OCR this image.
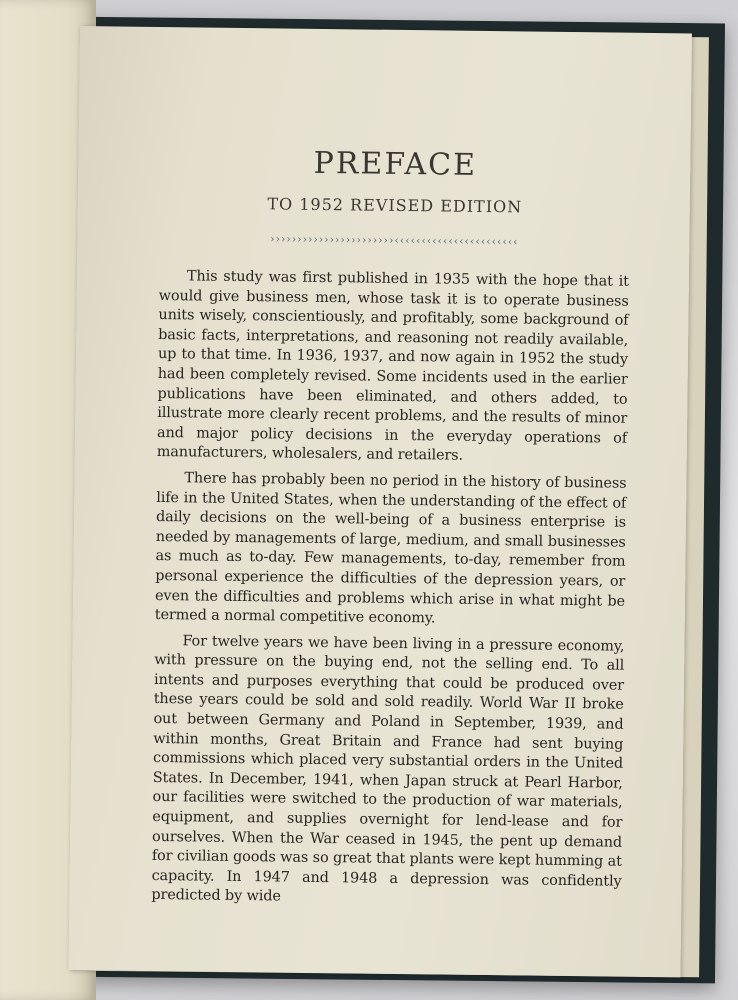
PREFACE
TO 1952 REVISED EDITION
›››››››››››››››››››››››‹‹‹‹‹‹‹‹‹‹‹‹‹‹‹‹‹‹‹‹‹‹‹

This study was first published in 1935 with the hope that it would give business men, whose task it is to operate business units wisely, conscientiously, and profitably, some background of basic facts, interpretations, and reasoning not readily available, up to that time. In 1936, 1937, and now again in 1952 the study had been completely revised. Some incidents used in the earlier publications have been eliminated, and others added, to illustrate more clearly recent problems, and the results of minor and major policy decisions in the everyday operations of manufacturers, wholesalers, and retailers.

There has probably been no period in the history of business life in the United States, when the understanding of the effect of daily decisions on the well-being of a business enterprise is needed by managements of large, medium, and small businesses as much as to-day. Few managements, to-day, remember from personal experience the difficulties of the depression years, or even the difficulties and problems which arise in what might be termed a normal competitive economy.

For twelve years we have been living in a pressure economy, with pressure on the buying end, not the selling end. To all intents and purposes everything that could be produced over these years could be sold and sold readily. World War II broke out between Germany and Poland in September, 1939, and within months, Great Britain and France had sent buying commissions which placed very substantial orders in the United States. In December, 1941, when Japan struck at Pearl Harbor, our facilities were switched to the production of war materials, equipment, and supplies overnight for lend-lease and for ourselves. When the War ceased in 1945, the pent up demand for civilian goods was so great that plants were kept humming at capacity. In 1947 and 1948 a depression was confidently predicted by wide
